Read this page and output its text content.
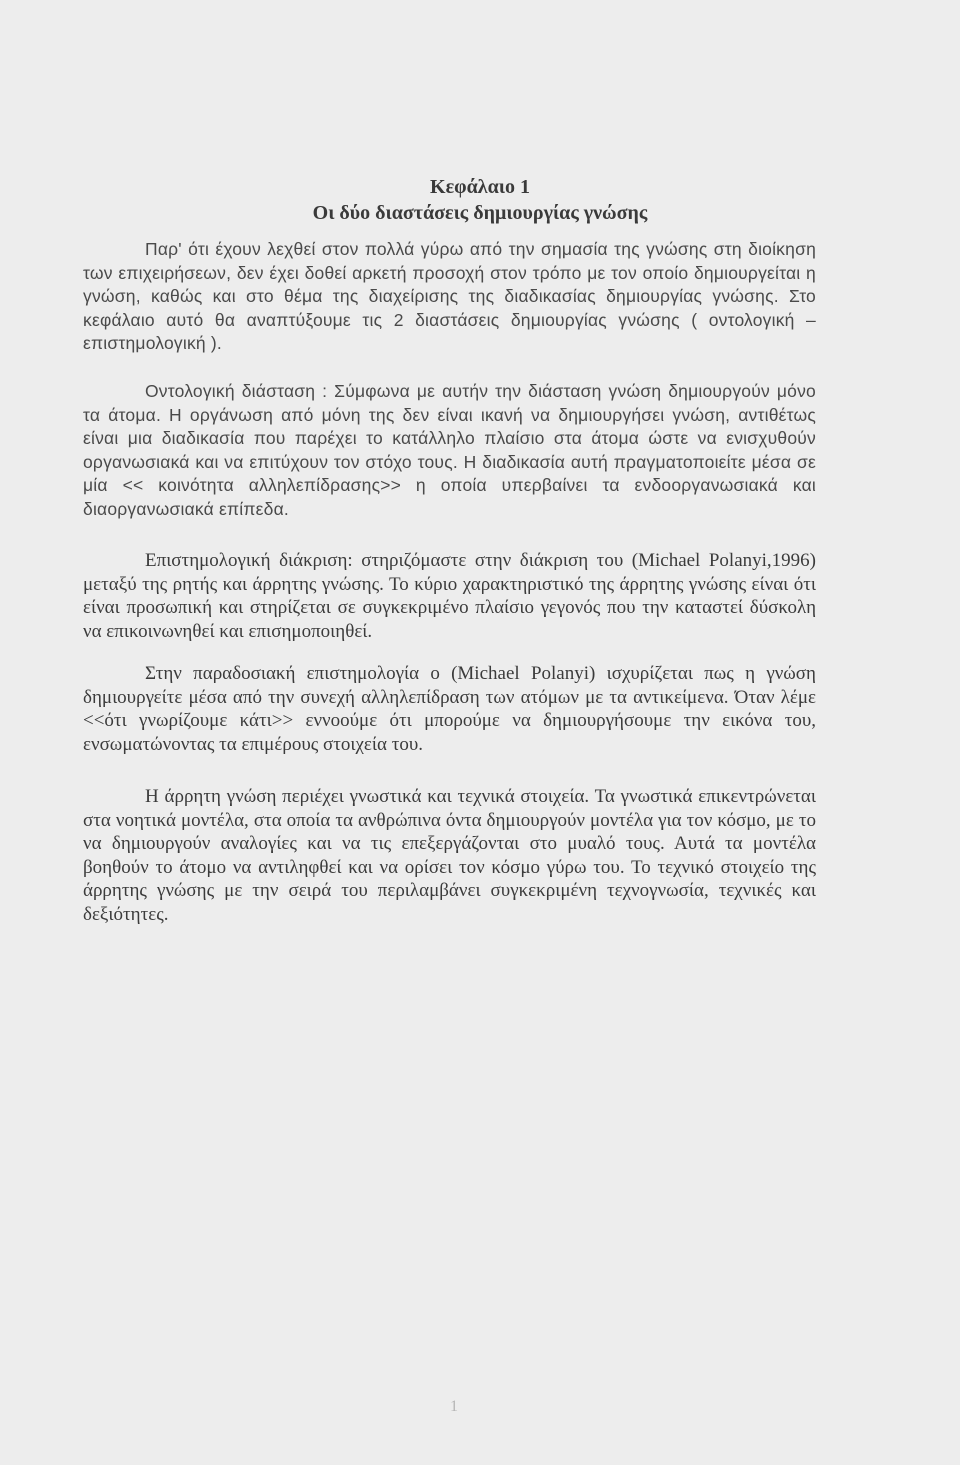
Κεφάλαιο 1
Οι δύο διαστάσεις δημιουργίας γνώσης

Παρ' ότι έχουν λεχθεί στον πολλά γύρω από την σημασία της γνώσης στη διοίκηση των επιχειρήσεων, δεν έχει δοθεί αρκετή προσοχή στον τρόπο με τον οποίο δημιουργείται η γνώση, καθώς και στο θέμα της διαχείρισης της διαδικασίας δημιουργίας γνώσης. Στο κεφάλαιο αυτό θα αναπτύξουμε τις 2 διαστάσεις δημιουργίας γνώσης ( οντολογική – επιστημολογική ).

Οντολογική διάσταση : Σύμφωνα με αυτήν την διάσταση γνώση δημιουργούν μόνο τα άτομα. Η οργάνωση από μόνη της δεν είναι ικανή να δημιουργήσει γνώση, αντιθέτως είναι μια διαδικασία που παρέχει το κατάλληλο πλαίσιο στα άτομα ώστε να ενισχυθούν οργανωσιακά και να επιτύχουν τον στόχο τους. Η διαδικασία αυτή πραγματοποιείτε μέσα σε μία << κοινότητα αλληλεπίδρασης>> η οποία υπερβαίνει τα ενδοοργανωσιακά και διαοργανωσιακά επίπεδα.

Επιστημολογική διάκριση: στηριζόμαστε στην διάκριση του (Michael Polanyi,1996) μεταξύ της ρητής και άρρητης γνώσης. Το κύριο χαρακτηριστικό της άρρητης γνώσης είναι ότι είναι προσωπική και στηρίζεται σε συγκεκριμένο πλαίσιο γεγονός που την καταστεί δύσκολη να επικοινωνηθεί και επισημοποιηθεί.

Στην παραδοσιακή επιστημολογία ο (Michael Polanyi) ισχυρίζεται πως η γνώση δημιουργείτε μέσα από την συνεχή αλληλεπίδραση των ατόμων με τα αντικείμενα. Όταν λέμε <<ότι γνωρίζουμε κάτι>> εννοούμε ότι μπορούμε να δημιουργήσουμε την εικόνα του, ενσωματώνοντας τα επιμέρους στοιχεία του.

Η άρρητη γνώση περιέχει γνωστικά και τεχνικά στοιχεία. Τα γνωστικά επικεντρώνεται στα νοητικά μοντέλα, στα οποία τα ανθρώπινα όντα δημιουργούν μοντέλα για τον κόσμο, με το να δημιουργούν αναλογίες και να τις επεξεργάζονται στο μυαλό τους. Αυτά τα μοντέλα βοηθούν το άτομο να αντιληφθεί και να ορίσει τον κόσμο γύρω του. Το τεχνικό στοιχείο της άρρητης γνώσης με την σειρά του περιλαμβάνει συγκεκριμένη τεχνογνωσία, τεχνικές και δεξιότητες.

1
